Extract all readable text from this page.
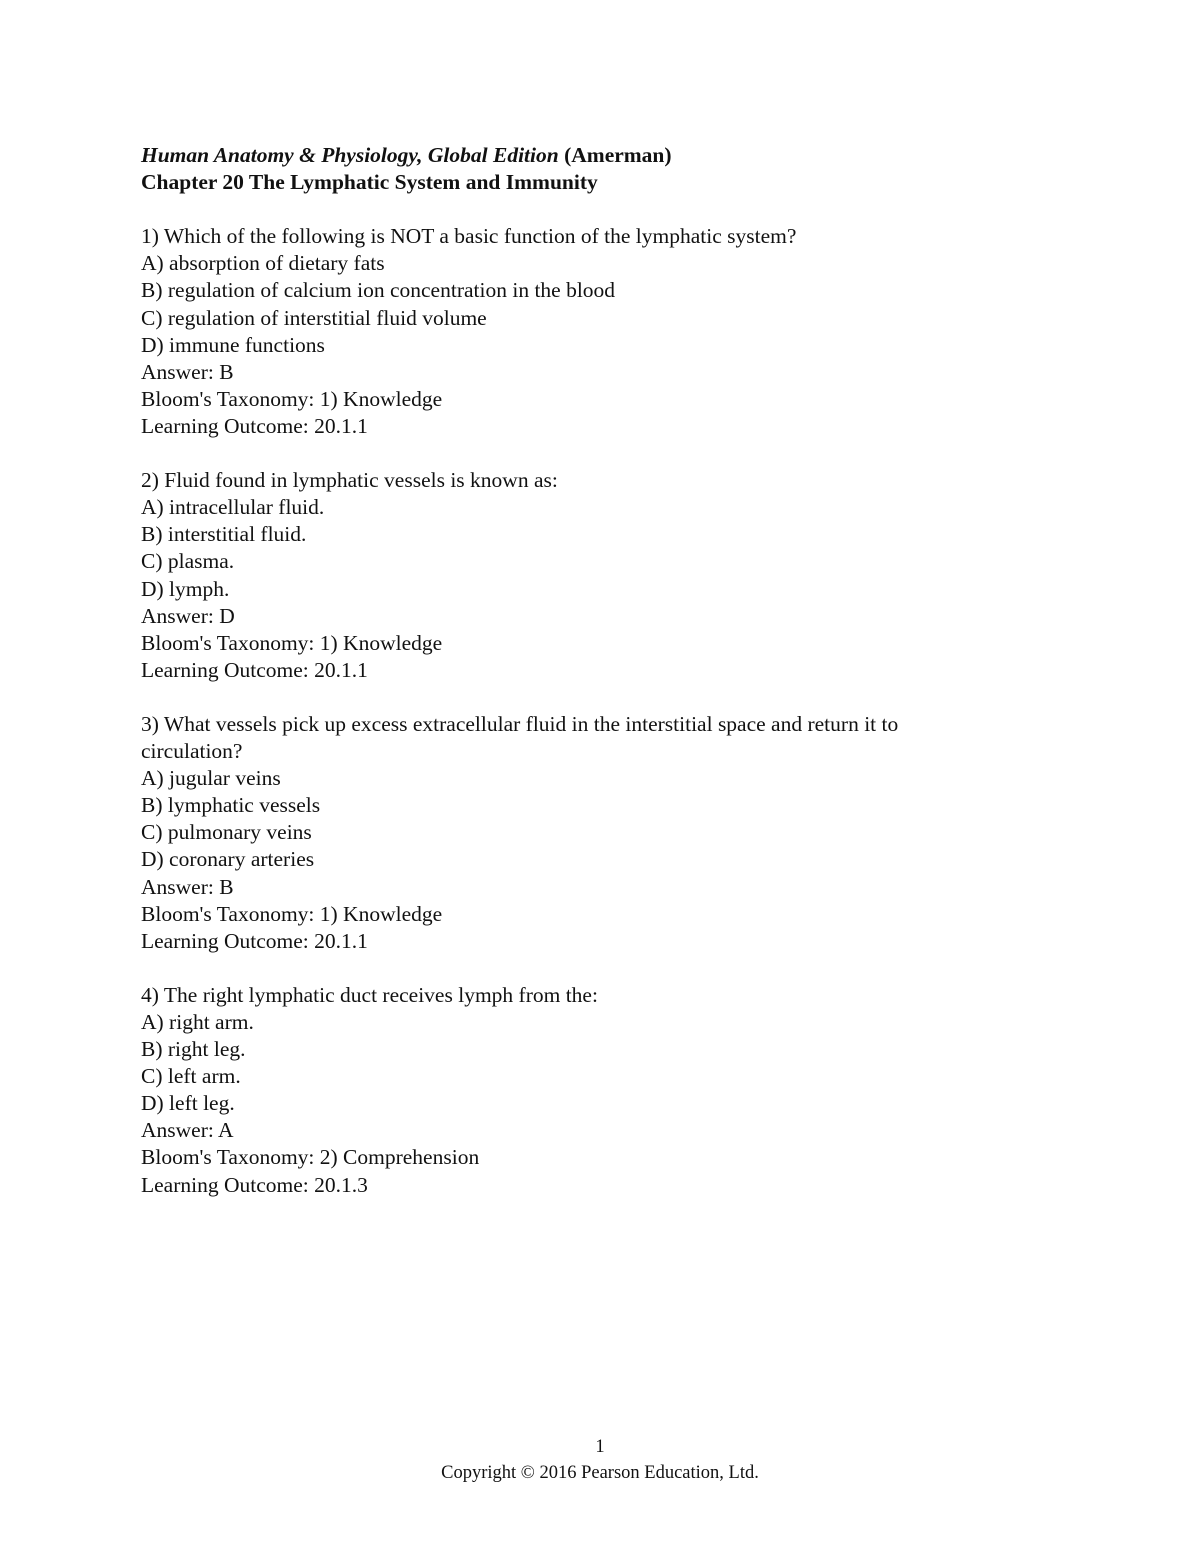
Human Anatomy & Physiology, Global Edition (Amerman)
Chapter 20 The Lymphatic System and Immunity
1) Which of the following is NOT a basic function of the lymphatic system?
A) absorption of dietary fats
B) regulation of calcium ion concentration in the blood
C) regulation of interstitial fluid volume
D) immune functions
Answer: B
Bloom's Taxonomy: 1) Knowledge
Learning Outcome: 20.1.1
2) Fluid found in lymphatic vessels is known as:
A) intracellular fluid.
B) interstitial fluid.
C) plasma.
D) lymph.
Answer: D
Bloom's Taxonomy: 1) Knowledge
Learning Outcome: 20.1.1
3) What vessels pick up excess extracellular fluid in the interstitial space and return it to
circulation?
A) jugular veins
B) lymphatic vessels
C) pulmonary veins
D) coronary arteries
Answer: B
Bloom's Taxonomy: 1) Knowledge
Learning Outcome: 20.1.1
4) The right lymphatic duct receives lymph from the:
A) right arm.
B) right leg.
C) left arm.
D) left leg.
Answer: A
Bloom's Taxonomy: 2) Comprehension
Learning Outcome: 20.1.3
1
Copyright © 2016 Pearson Education, Ltd.
